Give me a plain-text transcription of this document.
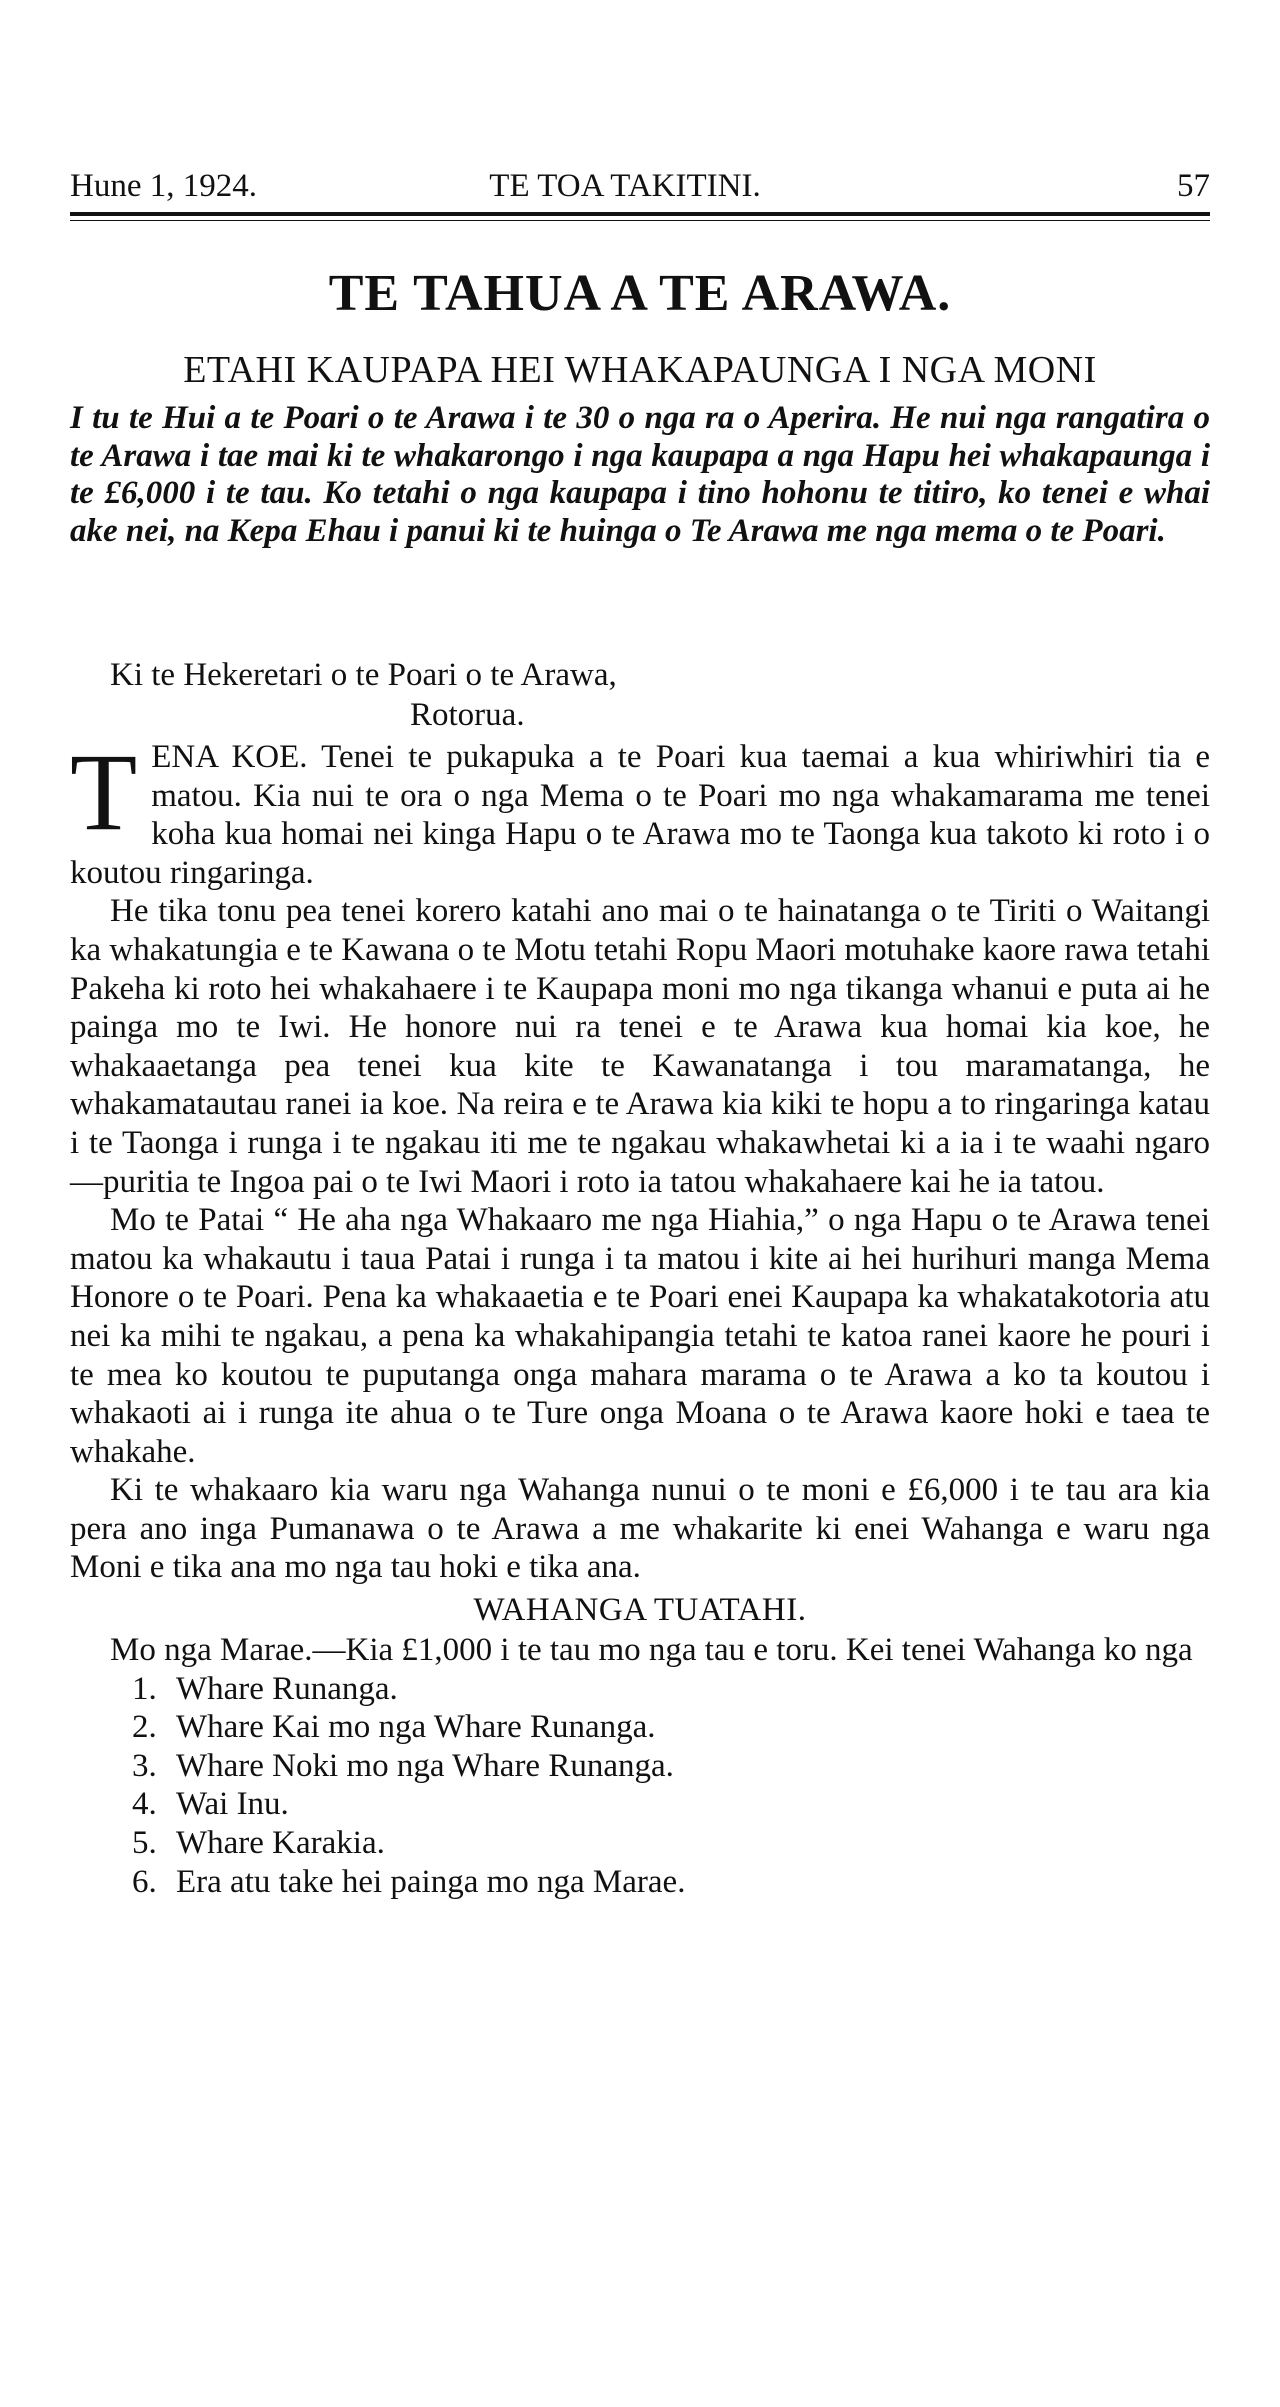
Hune 1, 1924.	TE TOA TAKITINI.	57
TE TAHUA A TE ARAWA.
ETAHI KAUPAPA HEI WHAKAPAUNGA I NGA MONI
I tu te Hui a te Poari o te Arawa i te 30 o nga ra o Aperira. He nui nga rangatira o te Arawa i tae mai ki te whakarongo i nga kaupapa a nga Hapu hei whakapaunga i te £6,000 i te tau. Ko tetahi o nga kaupapa i tino hohonu te titiro, ko tenei e whai ake nei, na Kepa Ehau i panui ki te huinga o Te Arawa me nga mema o te Poari.
Ki te Hekeretari o te Poari o te Arawa,
Rotorua.

TENA KOE. Tenei te pukapuka a te Poari kua taemai a kua whiriwhiri tia e matou. Kia nui te ora o nga Mema o te Poari mo nga whakamarama me tenei koha kua homai nei kinga Hapu o te Arawa mo te Taonga kua takoto ki roto i o koutou ringaringa.

He tika tonu pea tenei korero katahi ano mai o te hainatanga o te Tiriti o Waitangi ka whakatungia e te Kawana o te Motu tetahi Ropu Maori motuhake kaore rawa tetahi Pakeha ki roto hei whakahaere i te Kaupapa moni mo nga tikanga whanui e puta ai he painga mo te Iwi. He honore nui ra tenei e te Arawa kua homai kia koe, he whakaaetanga pea tenei kua kite te Kawanatanga i tou maramatanga, he whakamatautau ranei ia koe. Na reira e te Arawa kia kiki te hopu a to ringaringa katau i te Taonga i runga i te ngakau iti me te ngakau whakawhetai ki a ia i te waahi ngaro—puritia te Ingoa pai o te Iwi Maori i roto ia tatou whakahaere kai he ia tatou.

Mo te Patai “ He aha nga Whakaaro me nga Hiahia,” o nga Hapu o te Arawa tenei matou ka whakautu i taua Patai i runga i ta matou i kite ai hei hurihuri manga Mema Honore o te Poari. Pena ka whakaaetia e te Poari enei Kaupapa ka whakatakotoria atu nei ka mihi te ngakau, a pena ka whakahipangia tetahi te katoa ranei kaore he pouri i te mea ko koutou te puputanga onga mahara marama o te Arawa a ko ta koutou i whakaoti ai i runga ite ahua o te Ture onga Moana o te Arawa kaore hoki e taea te whakahe.

Ki te whakaaro kia waru nga Wahanga nunui o te moni e £6,000 i te tau ara kia pera ano inga Pumanawa o te Arawa a me whakarite ki enei Wahanga e waru nga Moni e tika ana mo nga tau hoki e tika ana.

WAHANGA TUATAHI.

Mo nga Marae.—Kia £1,000 i te tau mo nga tau e toru. Kei tenei Wahanga ko nga

1. Whare Runanga.
2. Whare Kai mo nga Whare Runanga.
3. Whare Noki mo nga Whare Runanga.
4. Wai Inu.
5. Whare Karakia.
6. Era atu take hei painga mo nga Marae.
